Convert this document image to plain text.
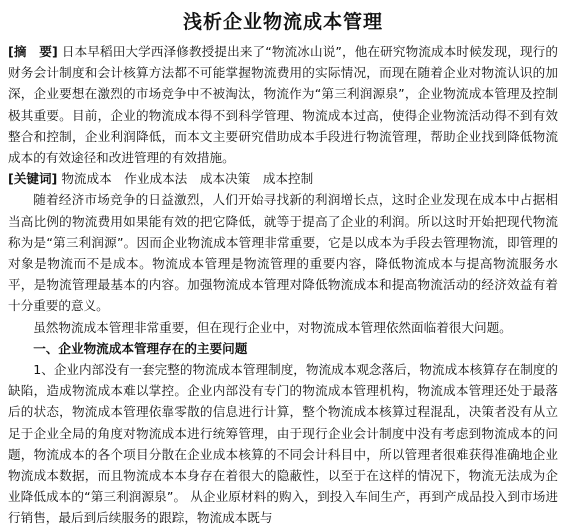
浅析企业物流成本管理

[摘　要] 日本早稻田大学西泽修教授提出来了“物流冰山说”，他在研究物流成本时候发现，现行的财务会计制度和会计核算方法都不可能掌握物流费用的实际情况，而现在随着企业对物流认识的加深，企业要想在激烈的市场竞争中不被淘汰，物流作为“第三利润源泉”，企业物流成本管理及控制极其重要。目前，企业的物流成本得不到科学管理、物流成本过高，使得企业物流活动得不到有效整合和控制，企业利润降低，而本文主要研究借助成本手段进行物流管理，帮助企业找到降低物流成本的有效途径和改进管理的有效措施。

[关键词] 物流成本　作业成本法　成本决策　成本控制

随着经济市场竞争的日益激烈，人们开始寻找新的利润增长点，这时企业发现在成本中占据相当高比例的物流费用如果能有效的把它降低，就等于提高了企业的利润。所以这时开始把现代物流称为是“第三利润源”。因而企业物流成本管理非常重要，它是以成本为手段去管理物流，即管理的对象是物流而不是成本。物流成本管理是物流管理的重要内容，降低物流成本与提高物流服务水平，是物流管理最基本的内容。加强物流成本管理对降低物流成本和提高物流活动的经济效益有着十分重要的意义。

虽然物流成本管理非常重要，但在现行企业中，对物流成本管理依然面临着很大问题。

一、企业物流成本管理存在的主要问题

1、企业内部没有一套完整的物流成本管理制度，物流成本观念落后，物流成本核算存在制度的缺陷，造成物流成本难以掌控。企业内部没有专门的物流成本管理机构，物流成本管理还处于最落后的状态，物流成本管理依靠零散的信息进行计算，整个物流成本核算过程混乱，决策者没有从立足于企业全局的角度对物流成本进行统筹管理，由于现行企业会计制度中没有考虑到物流成本的问题，物流成本的各个项目分散在企业成本核算的不同会计科目中，所以管理者很难获得准确地企业物流成本数据，而且物流成本本身存在着很大的隐蔽性，以至于在这样的情况下，物流无法成为企业降低成本的“第三利润源泉”。 从企业原材料的购入，到投入车间生产，再到产成品投入到市场进行销售，最后到后续服务的跟踪，物流成本既与
